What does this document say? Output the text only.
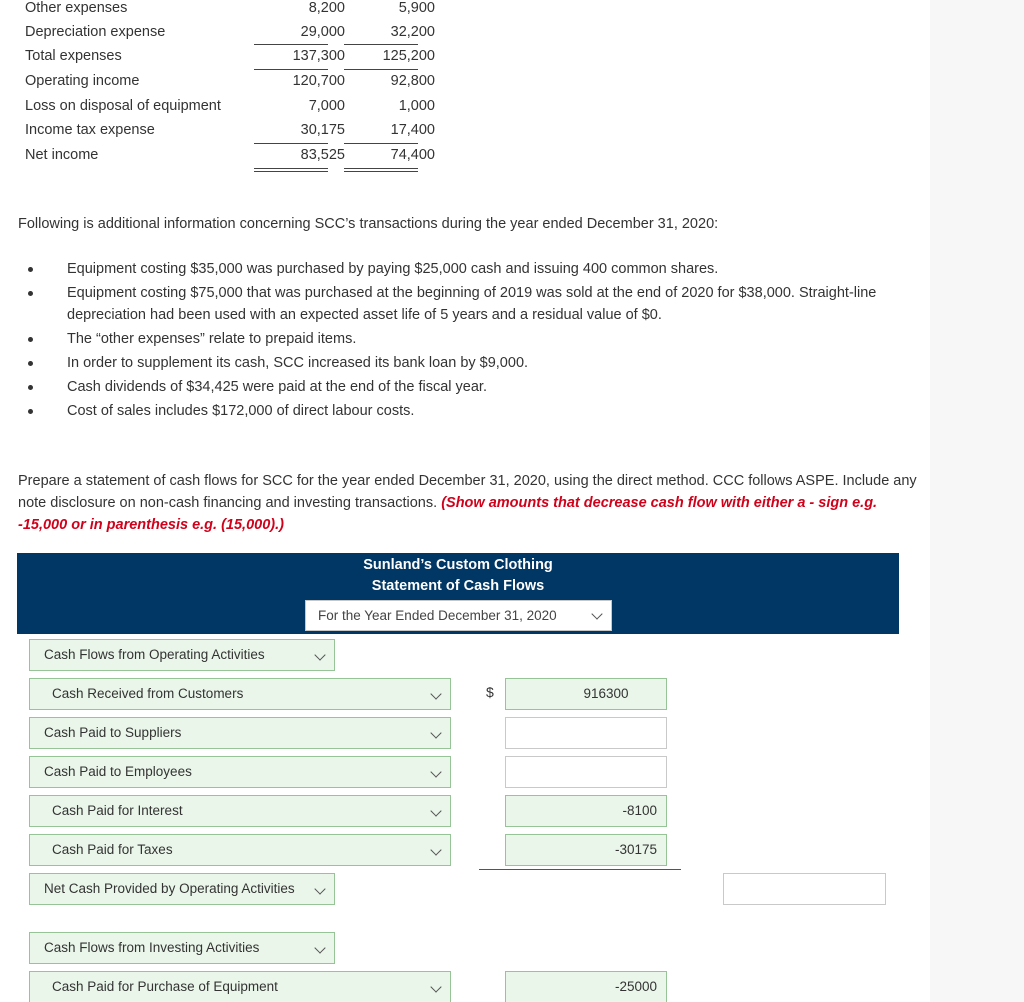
Other expenses	8,200	5,900
Depreciation expense	29,000	32,200
Total expenses	137,300	125,200
Operating income	120,700	92,800
Loss on disposal of equipment	7,000	1,000
Income tax expense	30,175	17,400
Net income	83,525	74,400

Following is additional information concerning SCC’s transactions during the year ended December 31, 2020:

Equipment costing $35,000 was purchased by paying $25,000 cash and issuing 400 common shares.
Equipment costing $75,000 that was purchased at the beginning of 2019 was sold at the end of 2020 for $38,000. Straight-line depreciation had been used with an expected asset life of 5 years and a residual value of $0.
The “other expenses” relate to prepaid items.
In order to supplement its cash, SCC increased its bank loan by $9,000.
Cash dividends of $34,425 were paid at the end of the fiscal year.
Cost of sales includes $172,000 of direct labour costs.

Prepare a statement of cash flows for SCC for the year ended December 31, 2020, using the direct method. CCC follows ASPE. Include any note disclosure on non-cash financing and investing transactions. (Show amounts that decrease cash flow with either a - sign e.g. -15,000 or in parenthesis e.g. (15,000).)

Sunland’s Custom Clothing
Statement of Cash Flows
For the Year Ended December 31, 2020
Cash Flows from Operating Activities
Cash Received from Customers	$	916300
Cash Paid to Suppliers
Cash Paid to Employees
Cash Paid for Interest	-8100
Cash Paid for Taxes	-30175
Net Cash Provided by Operating Activities
Cash Flows from Investing Activities
Cash Paid for Purchase of Equipment	-25000
